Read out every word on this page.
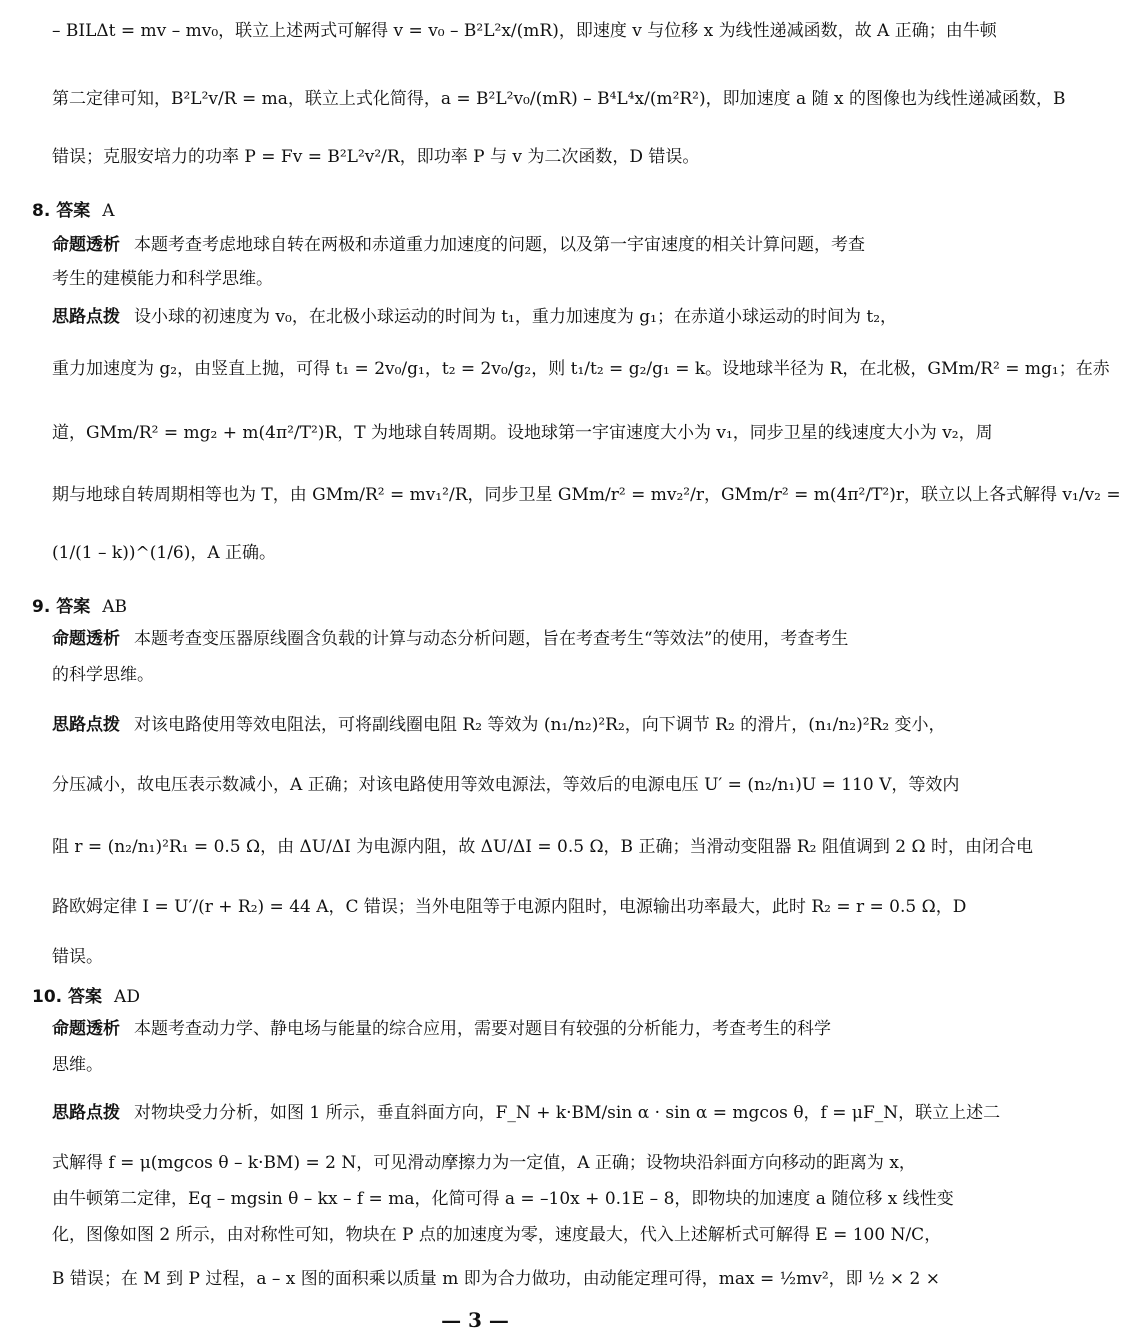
– BILΔt = mv – mv₀，联立上述两式可解得 v = v₀ – B²L²x/(mR)，即速度 v 与位移 x 为线性递减函数，故 A 正确；由牛顿
第二定律可知，B²L²v/R = ma，联立上式化简得，a = B²L²v₀/(mR) – B⁴L⁴x/(m²R²)，即加速度 a 随 x 的图像也为线性递减函数，B
错误；克服安培力的功率 P = Fv = B²L²v²/R，即功率 P 与 v 为二次函数，D 错误。
8. 答案 A
命题透析 本题考查考虑地球自转在两极和赤道重力加速度的问题，以及第一宇宙速度的相关计算问题，考查
考生的建模能力和科学思维。
思路点拨 设小球的初速度为 v₀，在北极小球运动的时间为 t₁，重力加速度为 g₁；在赤道小球运动的时间为 t₂，
重力加速度为 g₂，由竖直上抛，可得 t₁ = 2v₀/g₁，t₂ = 2v₀/g₂，则 t₁/t₂ = g₂/g₁ = k。设地球半径为 R，在北极，GMm/R² = mg₁；在赤
道，GMm/R² = mg₂ + m(4π²/T²)R，T 为地球自转周期。设地球第一宇宙速度大小为 v₁，同步卫星的线速度大小为 v₂，周
期与地球自转周期相等也为 T，由 GMm/R² = mv₁²/R，同步卫星 GMm/r² = mv₂²/r，GMm/r² = m(4π²/T²)r，联立以上各式解得 v₁/v₂ =
(1/(1 – k))^(1/6)，A 正确。
9. 答案 AB
命题透析 本题考查变压器原线圈含负载的计算与动态分析问题，旨在考查考生“等效法”的使用，考查考生
的科学思维。
思路点拨 对该电路使用等效电阻法，可将副线圈电阻 R₂ 等效为 (n₁/n₂)²R₂，向下调节 R₂ 的滑片，(n₁/n₂)²R₂ 变小，
分压减小，故电压表示数减小，A 正确；对该电路使用等效电源法，等效后的电源电压 U′ = (n₂/n₁)U = 110 V，等效内
阻 r = (n₂/n₁)²R₁ = 0.5 Ω，由 ΔU/ΔI 为电源内阻，故 ΔU/ΔI = 0.5 Ω，B 正确；当滑动变阻器 R₂ 阻值调到 2 Ω 时，由闭合电
路欧姆定律 I = U′/(r + R₂) = 44 A，C 错误；当外电阻等于电源内阻时，电源输出功率最大，此时 R₂ = r = 0.5 Ω，D
错误。
10. 答案 AD
命题透析 本题考查动力学、静电场与能量的综合应用，需要对题目有较强的分析能力，考查考生的科学
思维。
思路点拨 对物块受力分析，如图 1 所示，垂直斜面方向，F_N + k·BM/sin α · sin α = mgcos θ，f = μF_N，联立上述二
式解得 f = μ(mgcos θ – k·BM) = 2 N，可见滑动摩擦力为一定值，A 正确；设物块沿斜面方向移动的距离为 x，
由牛顿第二定律，Eq – mgsin θ – kx – f = ma，化简可得 a = –10x + 0.1E – 8，即物块的加速度 a 随位移 x 线性变
化，图像如图 2 所示，由对称性可知，物块在 P 点的加速度为零，速度最大，代入上述解析式可解得 E = 100 N/C，
B 错误；在 M 到 P 过程，a – x 图的面积乘以质量 m 即为合力做功，由动能定理可得，max = ½mv²，即 ½ × 2 ×
— 3 —
